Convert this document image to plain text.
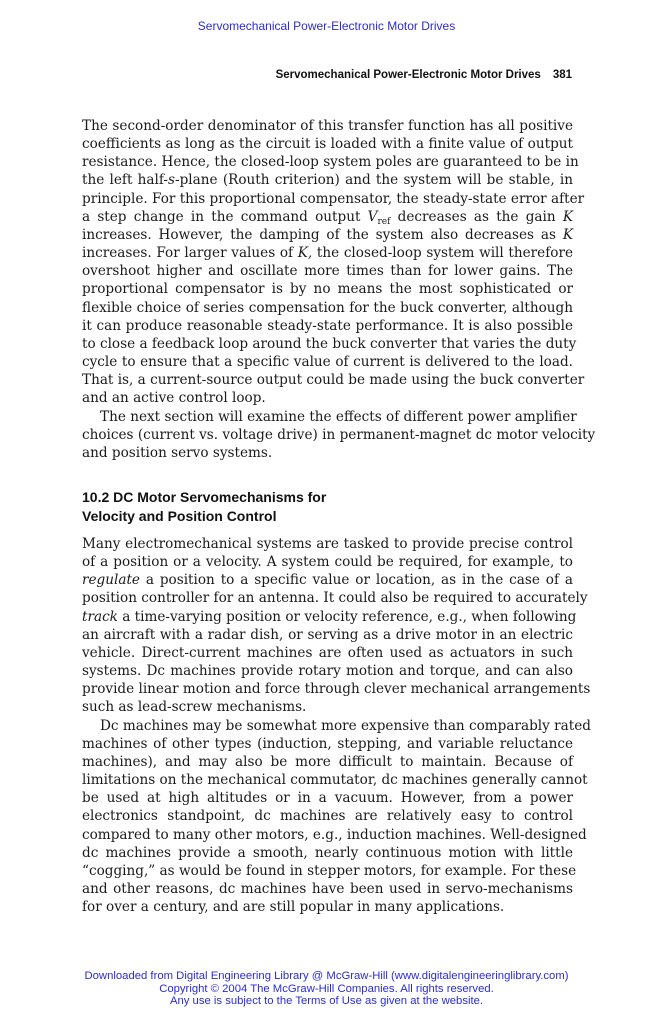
Servomechanical Power-Electronic Motor Drives
Servomechanical Power-Electronic Motor Drives 381
The second-order denominator of this transfer function has all positive
coefficients as long as the circuit is loaded with a finite value of output
resistance. Hence, the closed-loop system poles are guaranteed to be in
the left half-s-plane (Routh criterion) and the system will be stable, in
principle. For this proportional compensator, the steady-state error after
a step change in the command output $V_{ref}$ decreases as the gain K
increases. However, the damping of the system also decreases as K
increases. For larger values of K, the closed-loop system will therefore
overshoot higher and oscillate more times than for lower gains. The
proportional compensator is by no means the most sophisticated or
flexible choice of series compensation for the buck converter, although
it can produce reasonable steady-state performance. It is also possible
to close a feedback loop around the buck converter that varies the duty
cycle to ensure that a specific value of current is delivered to the load.
That is, a current-source output could be made using the buck converter
and an active control loop.
The next section will examine the effects of different power amplifier
choices (current vs. voltage drive) in permanent-magnet dc motor velocity
and position servo systems.
10.2 DC Motor Servomechanisms for
Velocity and Position Control
Many electromechanical systems are tasked to provide precise control
of a position or a velocity. A system could be required, for example, to
regulate a position to a specific value or location, as in the case of a
position controller for an antenna. It could also be required to accurately
track a time-varying position or velocity reference, e.g., when following
an aircraft with a radar dish, or serving as a drive motor in an electric
vehicle. Direct-current machines are often used as actuators in such
systems. Dc machines provide rotary motion and torque, and can also
provide linear motion and force through clever mechanical arrangements
such as lead-screw mechanisms.
Dc machines may be somewhat more expensive than comparably rated
machines of other types (induction, stepping, and variable reluctance
machines), and may also be more difficult to maintain. Because of
limitations on the mechanical commutator, dc machines generally cannot
be used at high altitudes or in a vacuum. However, from a power
electronics standpoint, dc machines are relatively easy to control
compared to many other motors, e.g., induction machines. Well-designed
dc machines provide a smooth, nearly continuous motion with little
“cogging,” as would be found in stepper motors, for example. For these
and other reasons, dc machines have been used in servo-mechanisms
for over a century, and are still popular in many applications.
Downloaded from Digital Engineering Library @ McGraw-Hill (www.digitalengineeringlibrary.com)
Copyright © 2004 The McGraw-Hill Companies. All rights reserved.
Any use is subject to the Terms of Use as given at the website.
